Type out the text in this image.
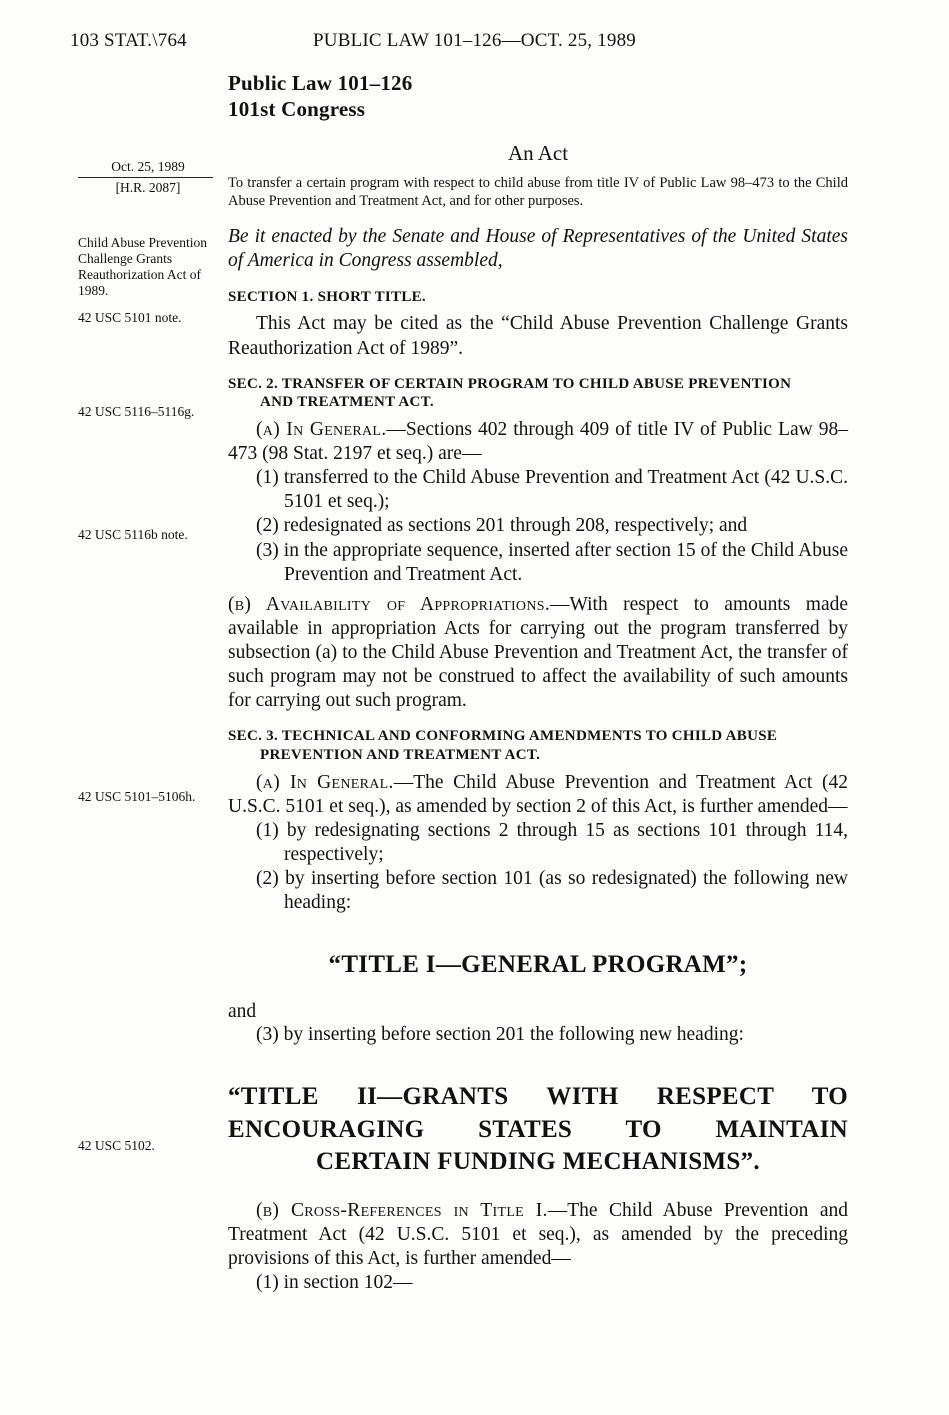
103 STAT.\764	PUBLIC LAW 101–126—OCT. 25, 1989
Public Law 101–126
101st Congress
An Act
To transfer a certain program with respect to child abuse from title IV of Public Law 98–473 to the Child Abuse Prevention and Treatment Act, and for other purposes.
Be it enacted by the Senate and House of Representatives of the United States of America in Congress assembled,
SECTION 1. SHORT TITLE.

This Act may be cited as the “Child Abuse Prevention Challenge Grants Reauthorization Act of 1989”.

SEC. 2. TRANSFER OF CERTAIN PROGRAM TO CHILD ABUSE PREVENTION
AND TREATMENT ACT.

(a) In General.—Sections 402 through 409 of title IV of Public Law 98–473 (98 Stat. 2197 et seq.) are—

(1) transferred to the Child Abuse Prevention and Treatment Act (42 U.S.C. 5101 et seq.);

(2) redesignated as sections 201 through 208, respectively; and

(3) in the appropriate sequence, inserted after section 15 of the Child Abuse Prevention and Treatment Act.

(b) Availability of Appropriations.—With respect to amounts made available in appropriation Acts for carrying out the program transferred by subsection (a) to the Child Abuse Prevention and Treatment Act, the transfer of such program may not be construed to affect the availability of such amounts for carrying out such program.

SEC. 3. TECHNICAL AND CONFORMING AMENDMENTS TO CHILD ABUSE
PREVENTION AND TREATMENT ACT.

(a) In General.—The Child Abuse Prevention and Treatment Act (42 U.S.C. 5101 et seq.), as amended by section 2 of this Act, is further amended—

(1) by redesignating sections 2 through 15 as sections 101 through 114, respectively;

(2) by inserting before section 101 (as so redesignated) the following new heading:

“TITLE I—GENERAL PROGRAM”;

and

(3) by inserting before section 201 the following new heading:

“TITLE II—GRANTS WITH RESPECT TO
ENCOURAGING STATES TO MAINTAIN
CERTAIN FUNDING MECHANISMS”.

(b) Cross-References in Title I.—The Child Abuse Prevention and Treatment Act (42 U.S.C. 5101 et seq.), as amended by the preceding provisions of this Act, is further amended—

(1) in section 102—

Oct. 25, 1989
[H.R. 2087]
Child Abuse Prevention Challenge Grants Reauthorization Act of 1989.
42 USC 5101 note.
42 USC 5116–5116g.
42 USC 5116b note.
42 USC 5101–5106h.
42 USC 5102.
